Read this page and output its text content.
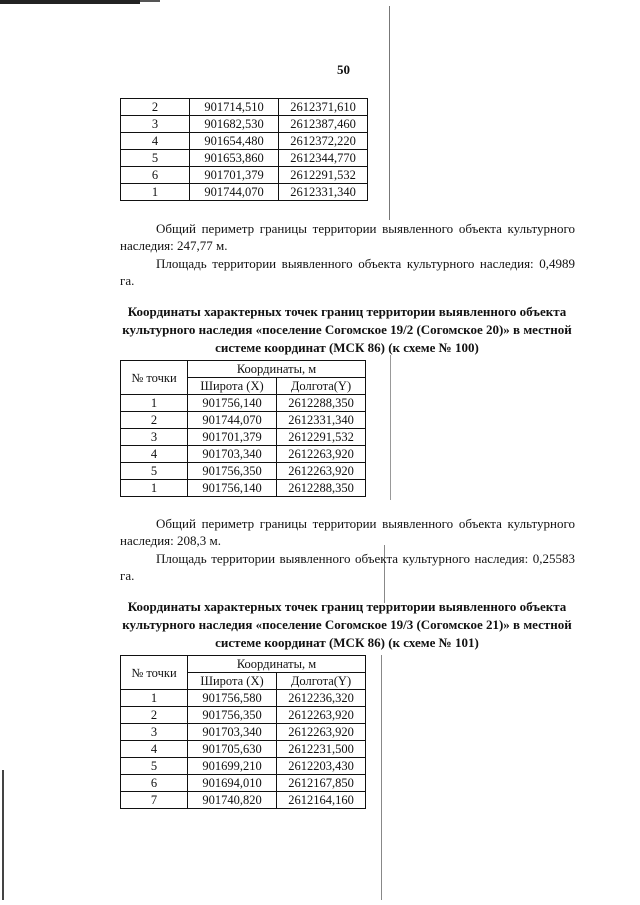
50
2	901714,510	2612371,610
3	901682,530	2612387,460
4	901654,480	2612372,220
5	901653,860	2612344,770
6	901701,379	2612291,532
1	901744,070	2612331,340
Общий периметр границы территории выявленного объекта культурного наследия: 247,77 м.
Площадь территории выявленного объекта культурного наследия: 0,4989 га.
Координаты характерных точек границ территории выявленного объекта культурного наследия «поселение Согомское 19/2 (Согомское 20)» в местной системе координат (МСК 86) (к схеме № 100)
№ точки	Координаты, м	
	Широта (X)	Долгота(Y)
1	901756,140	2612288,350
2	901744,070	2612331,340
3	901701,379	2612291,532
4	901703,340	2612263,920
5	901756,350	2612263,920
1	901756,140	2612288,350
Общий периметр границы территории выявленного объекта культурного наследия: 208,3 м.
Площадь территории выявленного объекта культурного наследия: 0,25583 га.
Координаты характерных точек границ территории выявленного объекта культурного наследия «поселение Согомское 19/3 (Согомское 21)» в местной системе координат (МСК 86) (к схеме № 101)
№ точки	Координаты, м	
	Широта (X)	Долгота(Y)
1	901756,580	2612236,320
2	901756,350	2612263,920
3	901703,340	2612263,920
4	901705,630	2612231,500
5	901699,210	2612203,430
6	901694,010	2612167,850
7	901740,820	2612164,160
